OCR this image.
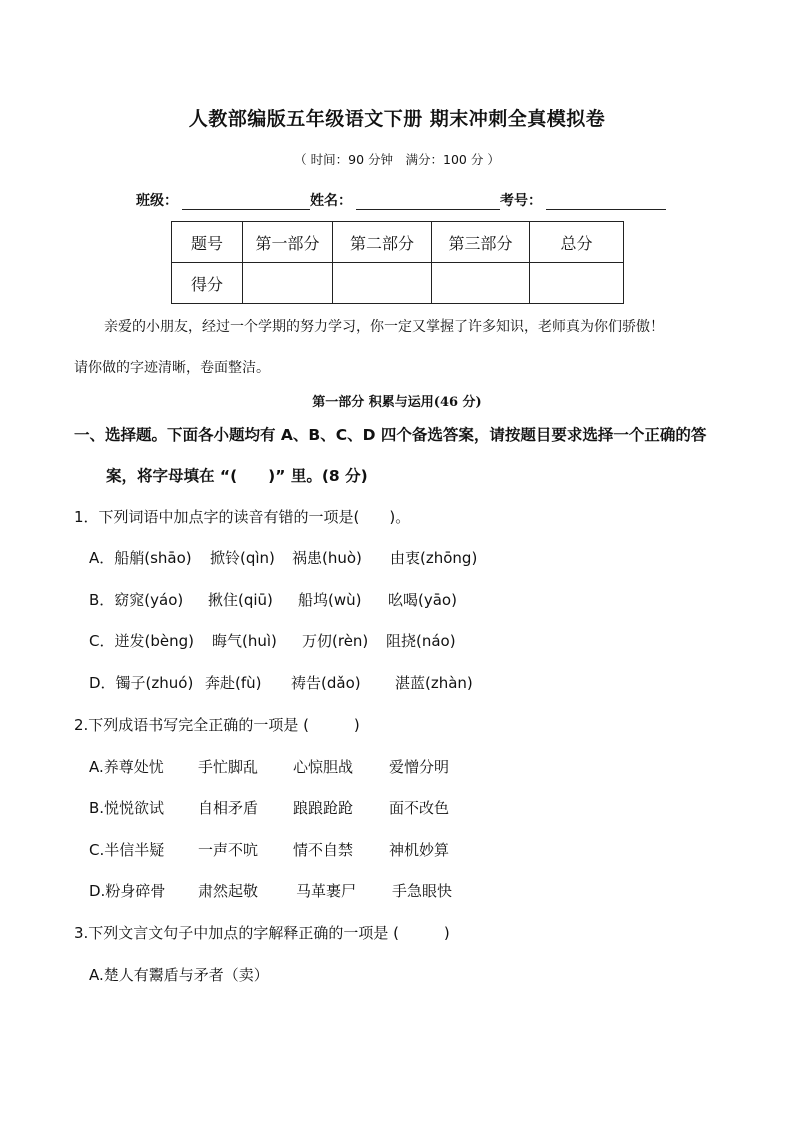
人教部编版五年级语文下册 期末冲刺全真模拟卷
（ 时间：90 分钟　满分：100 分 ）
班级：	姓名：	考号：
题号	第一部分	第二部分	第三部分	总分
得分				
亲爱的小朋友，经过一个学期的努力学习，你一定又掌握了许多知识，老师真为你们骄傲！
请你做的字迹清晰，卷面整洁。
第一部分 积累与运用(46 分)
一、选择题。下面各小题均有 A、B、C、D 四个备选答案，请按题目要求选择一个正确的答
案，将字母填在 “(　　)” 里。(8 分)
1．下列词语中加点字的读音有错的一项是(　　)。
A．船艄(shāo) 掀铃(qìn) 祸患(huò) 由衷(zhōng)
B．窈窕(yáo) 揪住(qiū) 船坞(wù) 吆喝(yāo)
C．迸发(bèng) 晦气(huì) 万仞(rèn) 阻挠(náo)
D．镯子(zhuó) 奔赴(fù) 祷告(dǎo) 湛蓝(zhàn)
2.下列成语书写完全正确的一项是 (　　　)
A.养尊处忧 手忙脚乱 心惊胆战 爱憎分明
B.悦悦欲试 自相矛盾 踉踉跄跄 面不改色
C.半信半疑 一声不吭 情不自禁 神机妙算
D.粉身碎骨 肃然起敬	马革裹尸 手急眼快
3.下列文言文句子中加点的字解释正确的一项是 (　　　)
A.楚人有鬻盾与矛者（卖）
